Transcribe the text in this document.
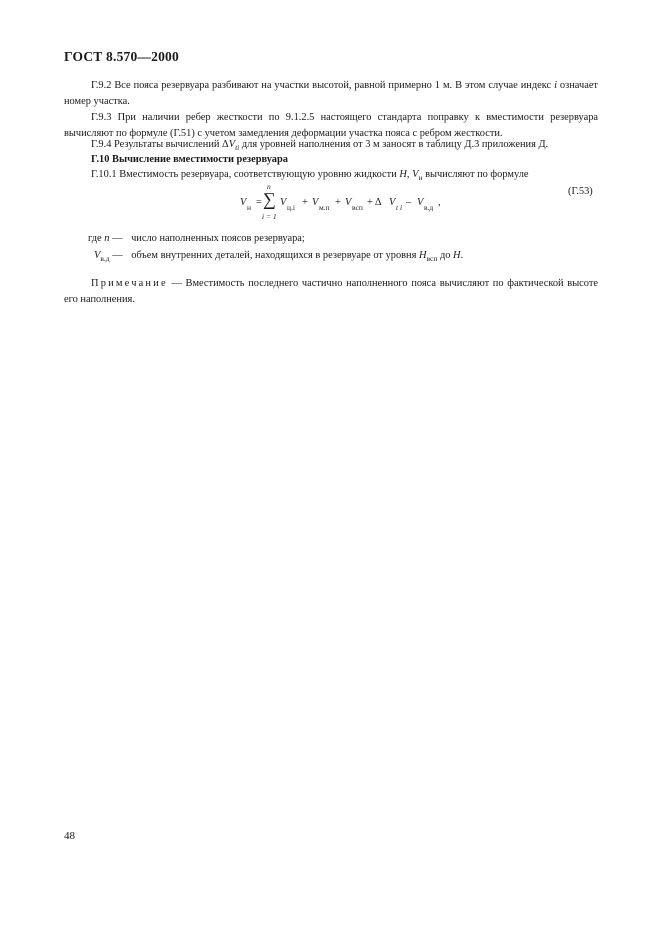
ГОСТ 8.570—2000
Г.9.2 Все пояса резервуара разбивают на участки высотой, равной примерно 1 м. В этом случае индекс i означает номер участка.
Г.9.3 При наличии ребер жесткости по 9.1.2.5 настоящего стандарта поправку к вместимости резервуара вычисляют по формуле (Г.51) с учетом замедления деформации участка пояса с ребром жесткости.
Г.9.4 Результаты вычислений $\Delta V_{ti}$ для уровней наполнения от 3 м заносят в таблицу Д.3 приложения Д.
Г.10 Вычисление вместимости резервуара
Г.10.1 Вместимость резервуара, соответствующую уровню жидкости H, $V_н$ вычисляют по формуле
V н =
n
∑
i = 1
V ц.i + V м.п + V всп + Δ V t i – V в.д ,
(Г.53)
где n — число наполненных поясов резервуара;
$V_{в.д}$ — объем внутренних деталей, находящихся в резервуаре от уровня $H_{всп}$ до H.
Примечание — Вместимость последнего частично наполненного пояса вычисляют по фактической высоте его наполнения.
48
